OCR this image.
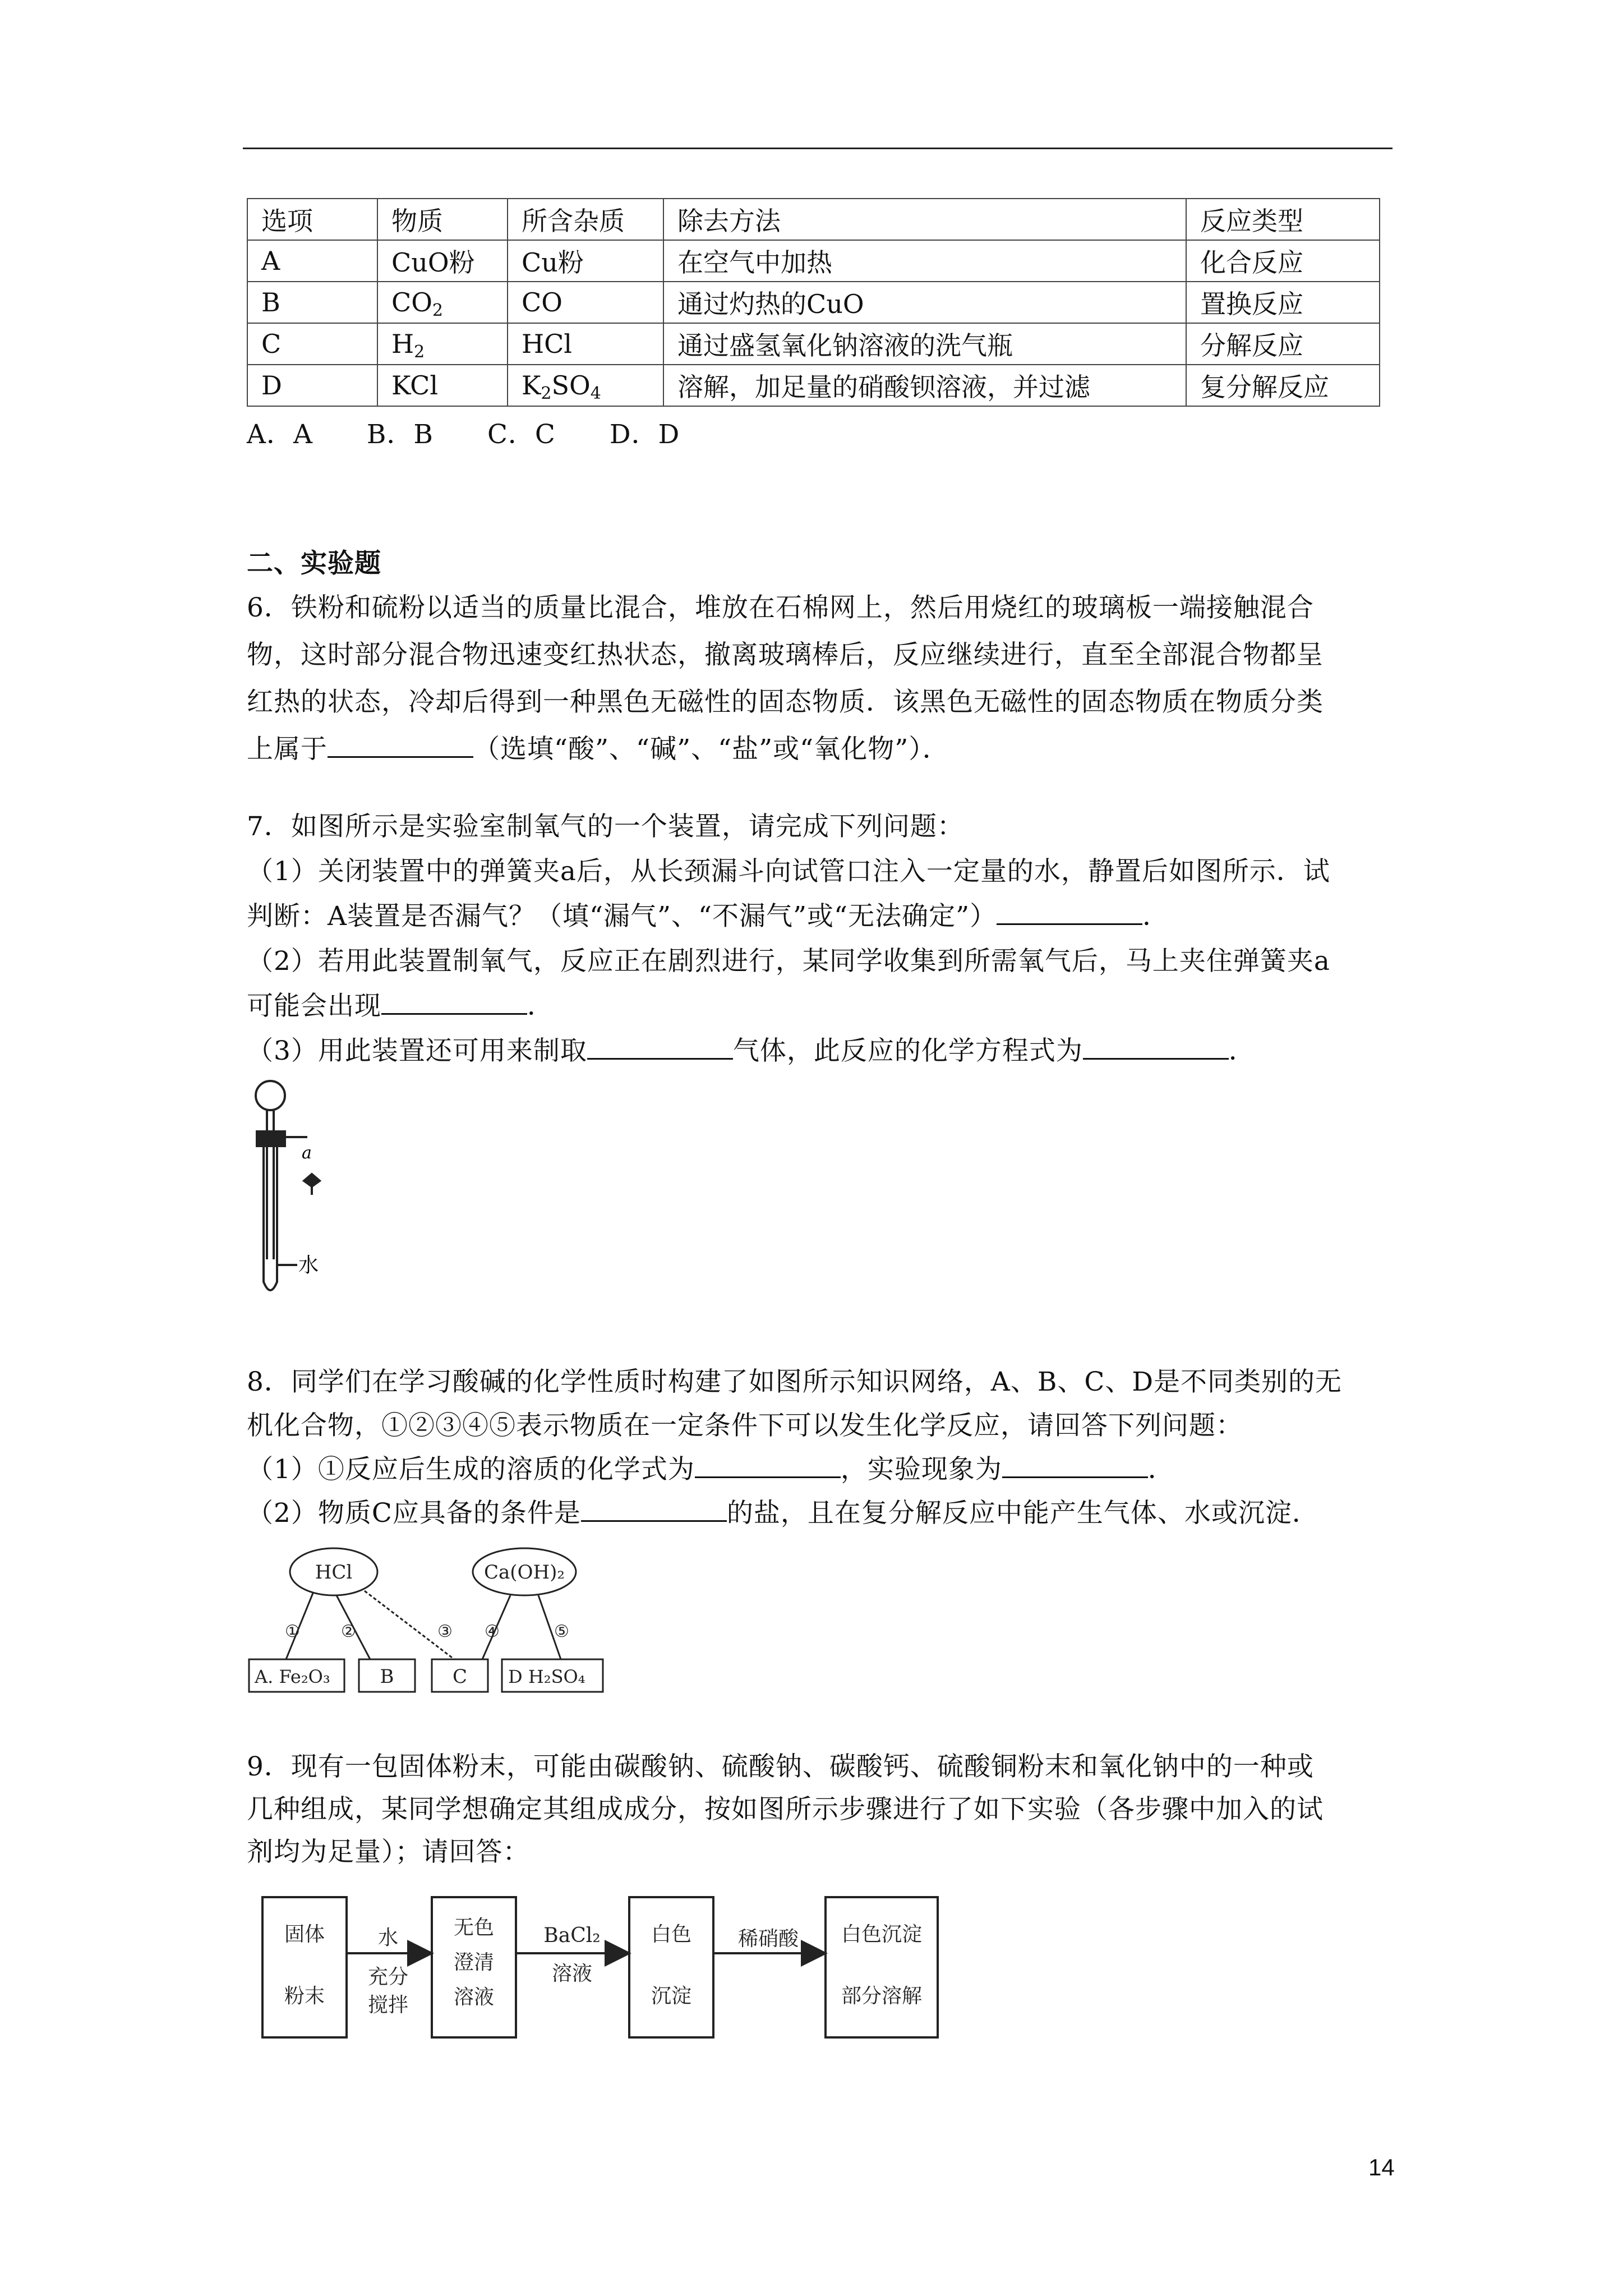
选项	物质	所含杂质	除去方法	反应类型
A	CuO粉	Cu粉	在空气中加热	化合反应
B	$CO_2$	CO	通过灼热的CuO	置换反应
C	$H_2$	HCl	通过盛氢氧化钠溶液的洗气瓶	分解反应
D	KCl	$K_2SO_4$	溶解，加足量的硝酸钡溶液，并过滤	复分解反应
A．A　　B．B　　C．C　　D．D
二、实验题
6．铁粉和硫粉以适当的质量比混合，堆放在石棉网上，然后用烧红的玻璃板一端接触混合
物，这时部分混合物迅速变红热状态，撤离玻璃棒后，反应继续进行，直至全部混合物都呈
红热的状态，冷却后得到一种黑色无磁性的固态物质．该黑色无磁性的固态物质在物质分类
上属于	（选填“酸”、“碱”、“盐”或“氧化物”）．
7．如图所示是实验室制氧气的一个装置，请完成下列问题：
（1）关闭装置中的弹簧夹a后，从长颈漏斗向试管口注入一定量的水，静置后如图所示．试
判断：A装置是否漏气？（填“漏气”、“不漏气”或“无法确定”）	．
（2）若用此装置制氧气，反应正在剧烈进行，某同学收集到所需氧气后，马上夹住弹簧夹a
可能会出现	．
（3）用此装置还可用来制取	气体，此反应的化学方程式为	．
a
水
8．同学们在学习酸碱的化学性质时构建了如图所示知识网络，A、B、C、D是不同类别的无
机化合物，①②③④⑤表示物质在一定条件下可以发生化学反应，请回答下列问题：
（1）①反应后生成的溶质的化学式为	，实验现象为	．
（2）物质C应具备的条件是	的盐，且在复分解反应中能产生气体、水或沉淀．
HCl	Ca(OH)₂
① ②	③ ④	⑤
A. Fe₂O₃	B	C D H₂SO₄
9．现有一包固体粉末，可能由碳酸钠、硫酸钠、碳酸钙、硫酸铜粉末和氧化钠中的一种或
几种组成，某同学想确定其组成成分，按如图所示步骤进行了如下实验（各步骤中加入的试
剂均为足量）；请回答：
固体
粉末
水
充分
搅拌
无色
澄清
溶液
BaCl₂
溶液
白色
沉淀
稀硝酸 白色沉淀
部分溶解
14
